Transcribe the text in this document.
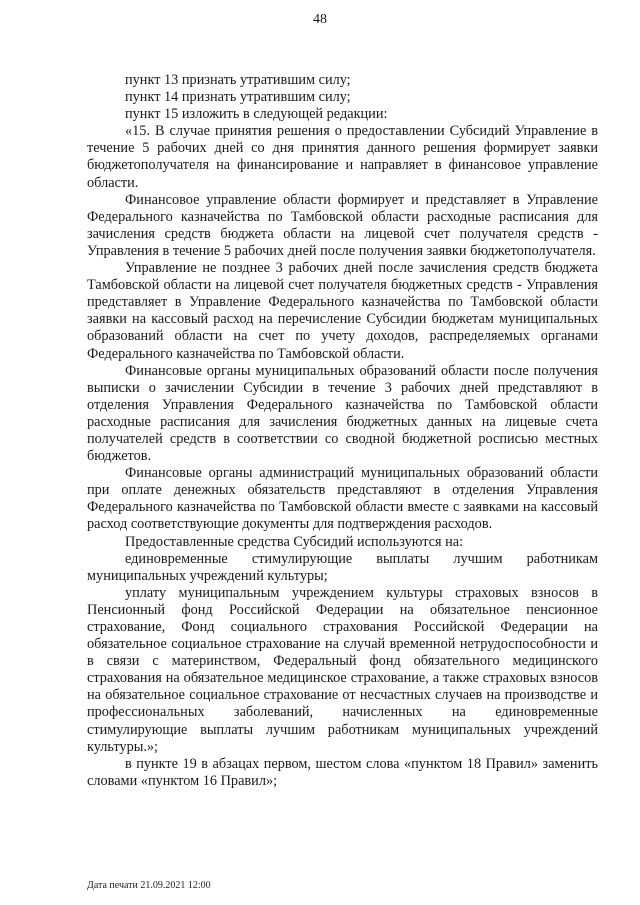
48

пункт 13 признать утратившим силу;

пункт 14 признать утратившим силу;

пункт 15 изложить в следующей редакции:

«15. В случае принятия решения о предоставлении Субсидий Управление в течение 5 рабочих дней со дня принятия данного решения формирует заявки бюджетополучателя на финансирование и направляет в финансовое управление области.

Финансовое управление области формирует и представляет в Управление Федерального казначейства по Тамбовской области расходные расписания для зачисления средств бюджета области на лицевой счет получателя средств - Управления в течение 5 рабочих дней после получения заявки бюджетополучателя.

Управление не позднее 3 рабочих дней после зачисления средств бюджета Тамбовской области на лицевой счет получателя бюджетных средств - Управления представляет в Управление Федерального казначейства по Тамбовской области заявки на кассовый расход на перечисление Субсидии бюджетам муниципальных образований области на счет по учету доходов, распределяемых органами Федерального казначейства по Тамбовской области.

Финансовые органы муниципальных образований области после получения выписки о зачислении Субсидии в течение 3 рабочих дней представляют в отделения Управления Федерального казначейства по Тамбовской области расходные расписания для зачисления бюджетных данных на лицевые счета получателей средств в соответствии со сводной бюджетной росписью местных бюджетов.

Финансовые органы администраций муниципальных образований области при оплате денежных обязательств представляют в отделения Управления Федерального казначейства по Тамбовской области вместе с заявками на кассовый расход соответствующие документы для подтверждения расходов.

Предоставленные средства Субсидий используются на:

единовременные стимулирующие выплаты лучшим работникам муниципальных учреждений культуры;

уплату муниципальным учреждением культуры страховых взносов в Пенсионный фонд Российской Федерации на обязательное пенсионное страхование, Фонд социального страхования Российской Федерации на обязательное социальное страхование на случай временной нетрудоспособности и в связи с материнством, Федеральный фонд обязательного медицинского страхования на обязательное медицинское страхование, а также страховых взносов на обязательное социальное страхование от несчастных случаев на производстве и профессиональных заболеваний, начисленных на единовременные стимулирующие выплаты лучшим работникам муниципальных учреждений культуры.»;

в пункте 19 в абзацах первом, шестом слова «пунктом 18 Правил» заменить словами «пунктом 16 Правил»;

Дата печати 21.09.2021 12:00
